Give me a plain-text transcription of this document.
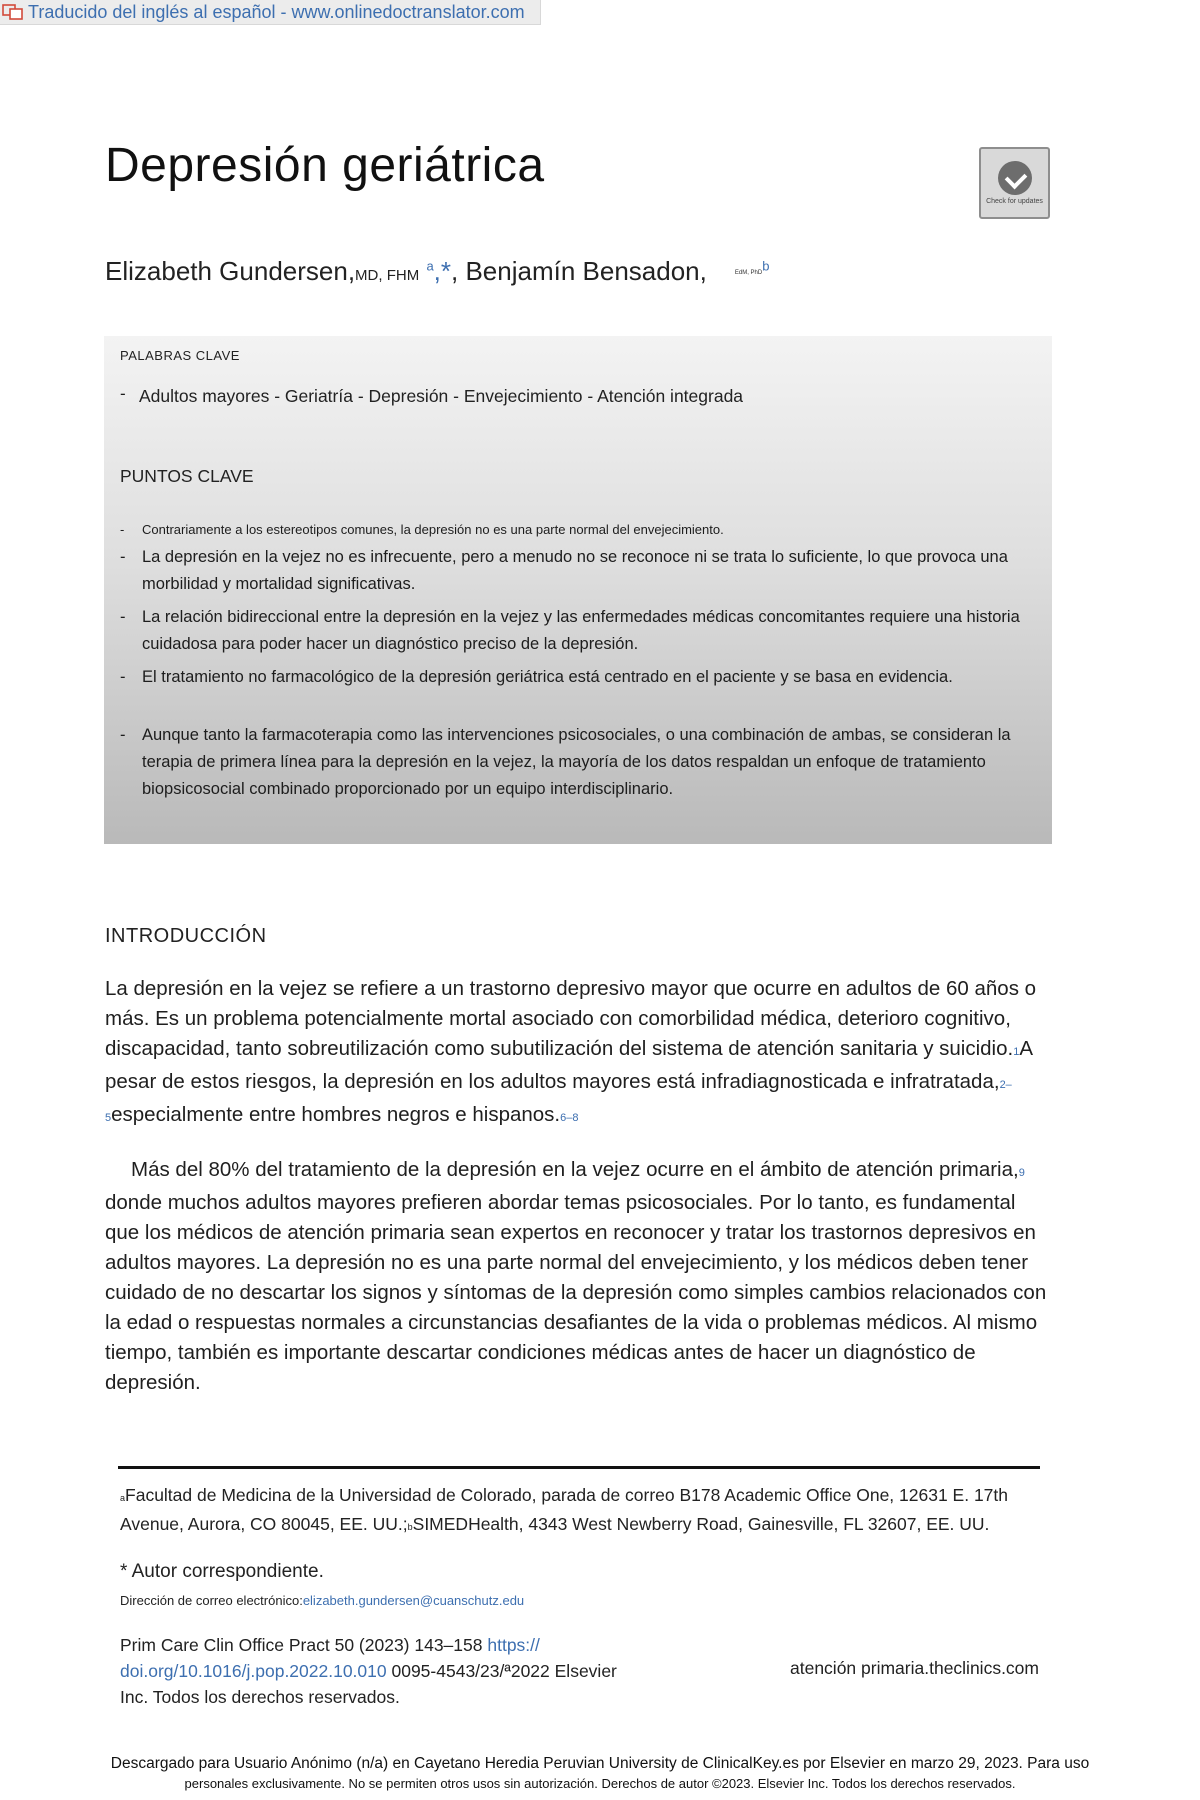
Traducido del inglés al español - www.onlinedoctranslator.com
Depresión geriátrica
Check for updates
Elizabeth Gundersen,MD, FHM $^a$,*, Benjamín Bensadon,	EdM, PhD$^b$
PALABRAS CLAVE
- Adultos mayores - Geriatría - Depresión - Envejecimiento - Atención integrada
PUNTOS CLAVE
- Contrariamente a los estereotipos comunes, la depresión no es una parte normal del envejecimiento.
- La depresión en la vejez no es infrecuente, pero a menudo no se reconoce ni se trata lo suficiente, lo que provoca una morbilidad y mortalidad significativas.
- La relación bidireccional entre la depresión en la vejez y las enfermedades médicas concomitantes requiere una historia cuidadosa para poder hacer un diagnóstico preciso de la depresión.
- El tratamiento no farmacológico de la depresión geriátrica está centrado en el paciente y se basa en evidencia.
- Aunque tanto la farmacoterapia como las intervenciones psicosociales, o una combinación de ambas, se consideran la terapia de primera línea para la depresión en la vejez, la mayoría de los datos respaldan un enfoque de tratamiento biopsicosocial combinado proporcionado por un equipo interdisciplinario.
INTRODUCCIÓN
La depresión en la vejez se refiere a un trastorno depresivo mayor que ocurre en adultos de 60 años o más. Es un problema potencialmente mortal asociado con comorbilidad médica, deterioro cognitivo, discapacidad, tanto sobreutilización como subutilización del sistema de atención sanitaria y suicidio.1A pesar de estos riesgos, la depresión en los adultos mayores está infradiagnosticada e infratratada,2–5especialmente entre hombres negros e hispanos.6–8
Más del 80% del tratamiento de la depresión en la vejez ocurre en el ámbito de atención primaria,9 donde muchos adultos mayores prefieren abordar temas psicosociales. Por lo tanto, es fundamental que los médicos de atención primaria sean expertos en reconocer y tratar los trastornos depresivos en adultos mayores. La depresión no es una parte normal del envejecimiento, y los médicos deben tener cuidado de no descartar los signos y síntomas de la depresión como simples cambios relacionados con la edad o respuestas normales a circunstancias desafiantes de la vida o problemas médicos. Al mismo tiempo, también es importante descartar condiciones médicas antes de hacer un diagnóstico de depresión.
aFacultad de Medicina de la Universidad de Colorado, parada de correo B178 Academic Office One, 12631 E. 17th Avenue, Aurora, CO 80045, EE. UU.;bSIMEDHealth, 4343 West Newberry Road, Gainesville, FL 32607, EE. UU.
* Autor correspondiente.
Dirección de correo electrónico:elizabeth.gundersen@cuanschutz.edu
Prim Care Clin Office Pract 50 (2023) 143–158 https:// doi.org/10.1016/j.pop.2022.10.010 0095-4543/23/ª2022 Elsevier Inc. Todos los derechos reservados.
atención primaria.theclinics.com
Descargado para Usuario Anónimo (n/a) en Cayetano Heredia Peruvian University de ClinicalKey.es por Elsevier en marzo 29, 2023. Para uso
personales exclusivamente. No se permiten otros usos sin autorización. Derechos de autor ©2023. Elsevier Inc. Todos los derechos reservados.
